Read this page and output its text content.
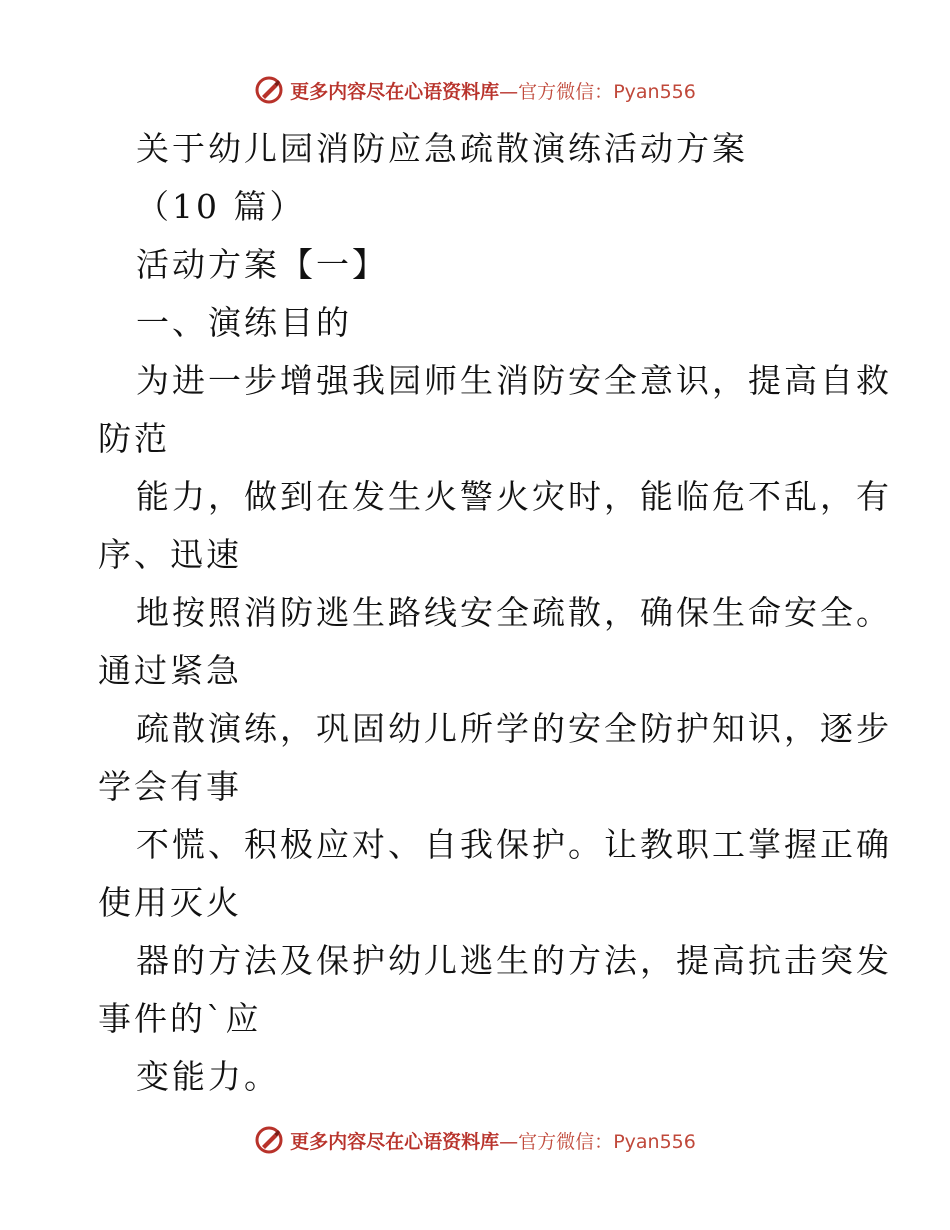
更多内容尽在心语资料库—官方微信：Pyan556

关于幼儿园消防应急疏散演练活动方案

（10 篇）

活动方案【一】

一、演练目的

为进一步增强我园师生消防安全意识，提高自救

防范

能力，做到在发生火警火灾时，能临危不乱，有

序、迅速

地按照消防逃生路线安全疏散，确保生命安全。

通过紧急

疏散演练，巩固幼儿所学的安全防护知识，逐步

学会有事

不慌、积极应对、自我保护。让教职工掌握正确

使用灭火

器的方法及保护幼儿逃生的方法，提高抗击突发

事件的`应

变能力。

更多内容尽在心语资料库—官方微信：Pyan556
